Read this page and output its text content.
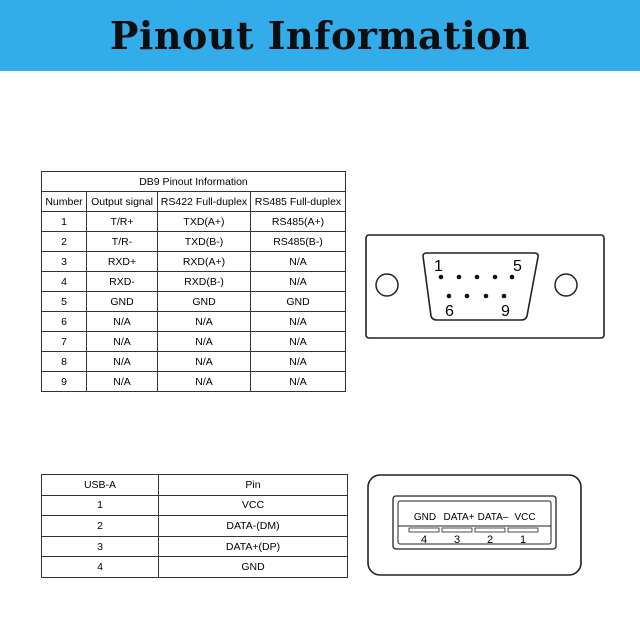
Pinout Information
DB9 Pinout Information			
Number	Output signal	RS422 Full-duplex	RS485 Full-duplex
1	T/R+	TXD(A+)	RS485(A+)
2	T/R-	TXD(B-)	RS485(B-)
3	RXD+	RXD(A+)	N/A
4	RXD-	RXD(B-)	N/A
5	GND	GND	GND
6	N/A	N/A	N/A
7	N/A	N/A	N/A
8	N/A	N/A	N/A
9	N/A	N/A	N/A
1	5
6	9
USB-A	Pin
1	VCC
2	DATA-(DM)
3	DATA+(DP)
4	GND
GND DATA+ DATA– VCC
4 3 2 1
